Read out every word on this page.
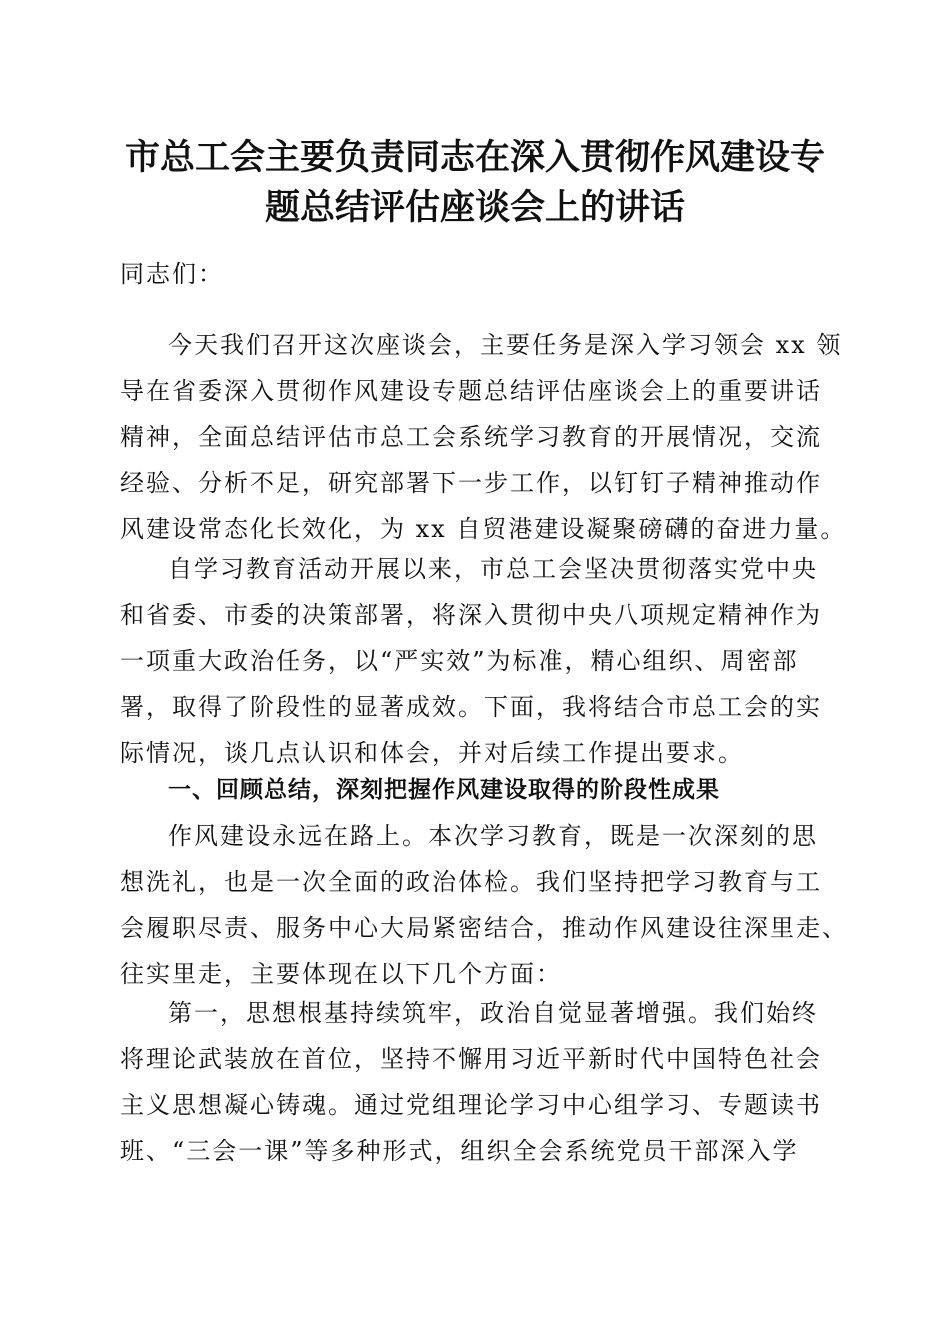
市总工会主要负责同志在深入贯彻作风建设专
题总结评估座谈会上的讲话

同志们：

今天我们召开这次座谈会，主要任务是深入学习领会 xx 领
导在省委深入贯彻作风建设专题总结评估座谈会上的重要讲话
精神，全面总结评估市总工会系统学习教育的开展情况，交流
经验、分析不足，研究部署下一步工作，以钉钉子精神推动作
风建设常态化长效化，为 xx 自贸港建设凝聚磅礴的奋进力量。

自学习教育活动开展以来，市总工会坚决贯彻落实党中央
和省委、市委的决策部署，将深入贯彻中央八项规定精神作为
一项重大政治任务，以“严实效”为标准，精心组织、周密部
署，取得了阶段性的显著成效。下面，我将结合市总工会的实
际情况，谈几点认识和体会，并对后续工作提出要求。

一、回顾总结，深刻把握作风建设取得的阶段性成果

作风建设永远在路上。本次学习教育，既是一次深刻的思
想洗礼，也是一次全面的政治体检。我们坚持把学习教育与工
会履职尽责、服务中心大局紧密结合，推动作风建设往深里走、
往实里走，主要体现在以下几个方面：

第一，思想根基持续筑牢，政治自觉显著增强。我们始终
将理论武装放在首位，坚持不懈用习近平新时代中国特色社会
主义思想凝心铸魂。通过党组理论学习中心组学习、专题读书
班、“三会一课”等多种形式，组织全会系统党员干部深入学
